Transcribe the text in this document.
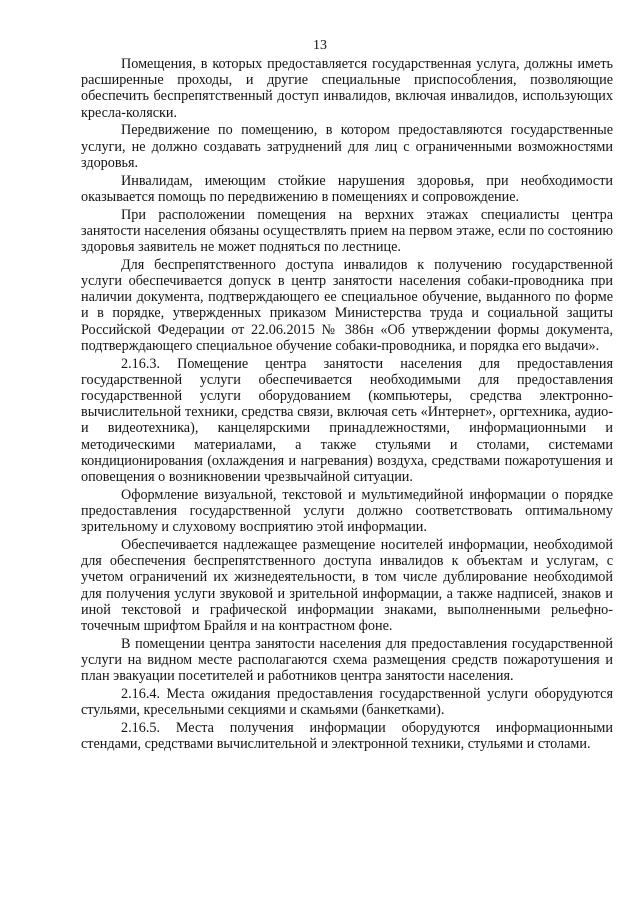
13

Помещения, в которых предоставляется государственная услуга, должны иметь расширенные проходы, и другие специальные приспособления, позволяющие обеспечить беспрепятственный доступ инвалидов, включая инвалидов, использующих кресла-коляски.

Передвижение по помещению, в котором предоставляются государственные услуги, не должно создавать затруднений для лиц с ограниченными возможностями здоровья.

Инвалидам, имеющим стойкие нарушения здоровья, при необходимости оказывается помощь по передвижению в помещениях и сопровождение.

При расположении помещения на верхних этажах специалисты центра занятости населения обязаны осуществлять прием на первом этаже, если по состоянию здоровья заявитель не может подняться по лестнице.

Для беспрепятственного доступа инвалидов к получению государственной услуги обеспечивается допуск в центр занятости населения собаки-проводника при наличии документа, подтверждающего ее специальное обучение, выданного по форме и в порядке, утвержденных приказом Министерства труда и социальной защиты Российской Федерации от 22.06.2015 № 386н «Об утверждении формы документа, подтверждающего специальное обучение собаки-проводника, и порядка его выдачи».

2.16.3. Помещение центра занятости населения для предоставления государственной услуги обеспечивается необходимыми для предоставления государственной услуги оборудованием (компьютеры, средства электронно-вычислительной техники, средства связи, включая сеть «Интернет», оргтехника, аудио- и видеотехника), канцелярскими принадлежностями, информационными и методическими материалами, а также стульями и столами, системами кондиционирования (охлаждения и нагревания) воздуха, средствами пожаротушения и оповещения о возникновении чрезвычайной ситуации.

Оформление визуальной, текстовой и мультимедийной информации о порядке предоставления государственной услуги должно соответствовать оптимальному зрительному и слуховому восприятию этой информации.

Обеспечивается надлежащее размещение носителей информации, необходимой для обеспечения беспрепятственного доступа инвалидов к объектам и услугам, с учетом ограничений их жизнедеятельности, в том числе дублирование необходимой для получения услуги звуковой и зрительной информации, а также надписей, знаков и иной текстовой и графической информации знаками, выполненными рельефно-точечным шрифтом Брайля и на контрастном фоне.

В помещении центра занятости населения для предоставления государственной услуги на видном месте располагаются схема размещения средств пожаротушения и план эвакуации посетителей и работников центра занятости населения.

2.16.4. Места ожидания предоставления государственной услуги оборудуются стульями, кресельными секциями и скамьями (банкетками).

2.16.5. Места получения информации оборудуются информационными стендами, средствами вычислительной и электронной техники, стульями и столами.
